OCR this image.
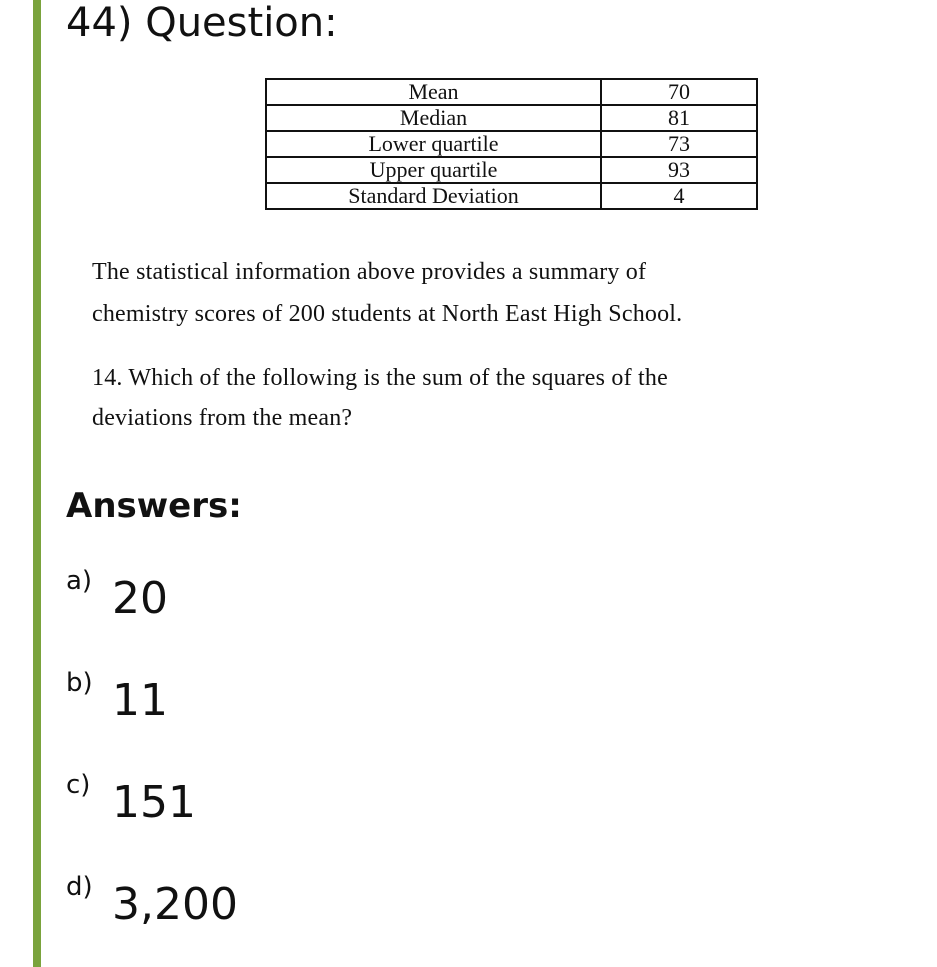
44) Question:
Mean	70
Median	81
Lower quartile	73
Upper quartile	93
Standard Deviation	4
The statistical information above provides a summary of
chemistry scores of 200 students at North East High School.
14. Which of the following is the sum of the squares of the
deviations from the mean?
Answers:
a) 20
b) 11
c) 151
d) 3,200
